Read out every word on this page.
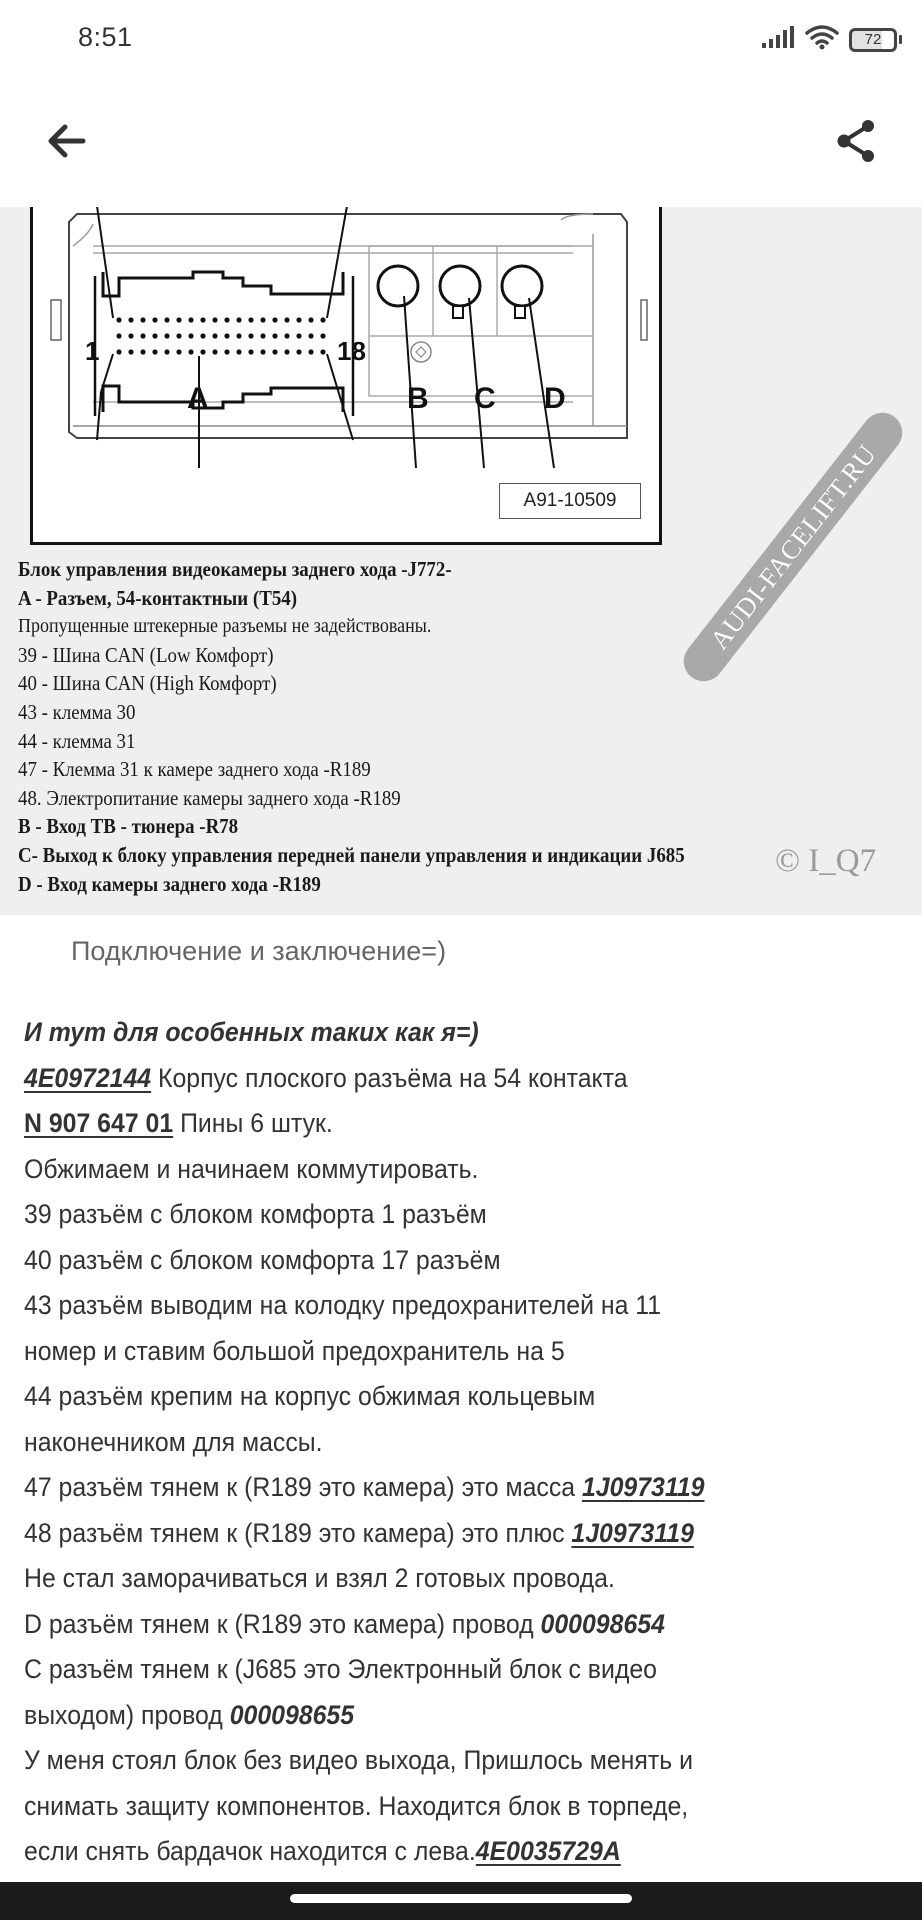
8:51	72
1	18
A	B C D
A91-10509
Блок управления видеокамеры заднего хода -J772-
A - Разъем, 54-контактныи (T54)
Пропущенные штекерные разъемы не задействованы.
39 - Шина CAN (Low Комфорт)
40 - Шина CAN (High Комфорт)
43 - клемма 30
44 - клемма 31
47 - Клемма 31 к камере заднего хода -R189
48. Электропитание камеры заднего хода -R189
B - Вход ТВ - тюнера -R78
C- Выход к блоку управления передней панели управления и индикации J685
D - Вход камеры заднего хода -R189
AUDI-FACELIFT.RU
© I_Q7
Подключение и заключение=)
И тут для особенных таких как я=)
4E0972144 Корпус плоского разъёма на 54 контакта
N 907 647 01 Пины 6 штук.
Обжимаем и начинаем коммутировать.
39 разъём с блоком комфорта 1 разъём
40 разъём с блоком комфорта 17 разъём
43 разъём выводим на колодку предохранителей на 11
номер и ставим большой предохранитель на 5
44 разъём крепим на корпус обжимая кольцевым
наконечником для массы.
47 разъём тянем к (R189 это камера) это масса 1J0973119
48 разъём тянем к (R189 это камера) это плюс 1J0973119
Не стал заморачиваться и взял 2 готовых провода.
D разъём тянем к (R189 это камера) провод 000098654
C разъём тянем к (J685 это Электронный блок с видео
выходом) провод 000098655
У меня стоял блок без видео выхода, Пришлось менять и
снимать защиту компонентов. Находится блок в торпеде,
если снять бардачок находится с лева.4E0035729A
